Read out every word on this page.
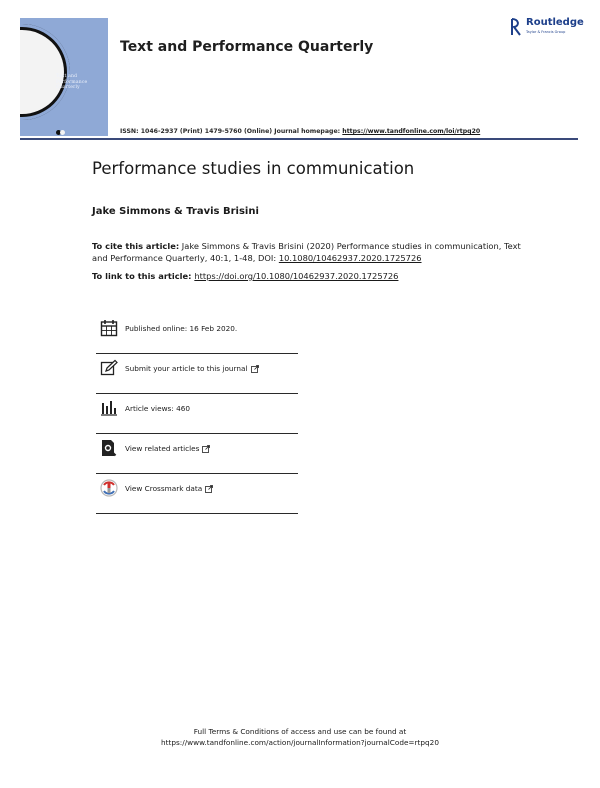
Text and
Performance
Quarterly
Text and Performance Quarterly
Routledge
Taylor & Francis Group
ISSN: 1046-2937 (Print) 1479-5760 (Online) Journal homepage: https://www.tandfonline.com/loi/rtpq20
Performance studies in communication
Jake Simmons & Travis Brisini
To cite this article: Jake Simmons & Travis Brisini (2020) Performance studies in communication, Text and Performance Quarterly, 40:1, 1-48, DOI: 10.1080/10462937.2020.1725726
To link to this article: https://doi.org/10.1080/10462937.2020.1725726
Published online: 16 Feb 2020.
Submit your article to this journal
Article views: 460
View related articles
View Crossmark data
Full Terms & Conditions of access and use can be found at
https://www.tandfonline.com/action/journalInformation?journalCode=rtpq20
